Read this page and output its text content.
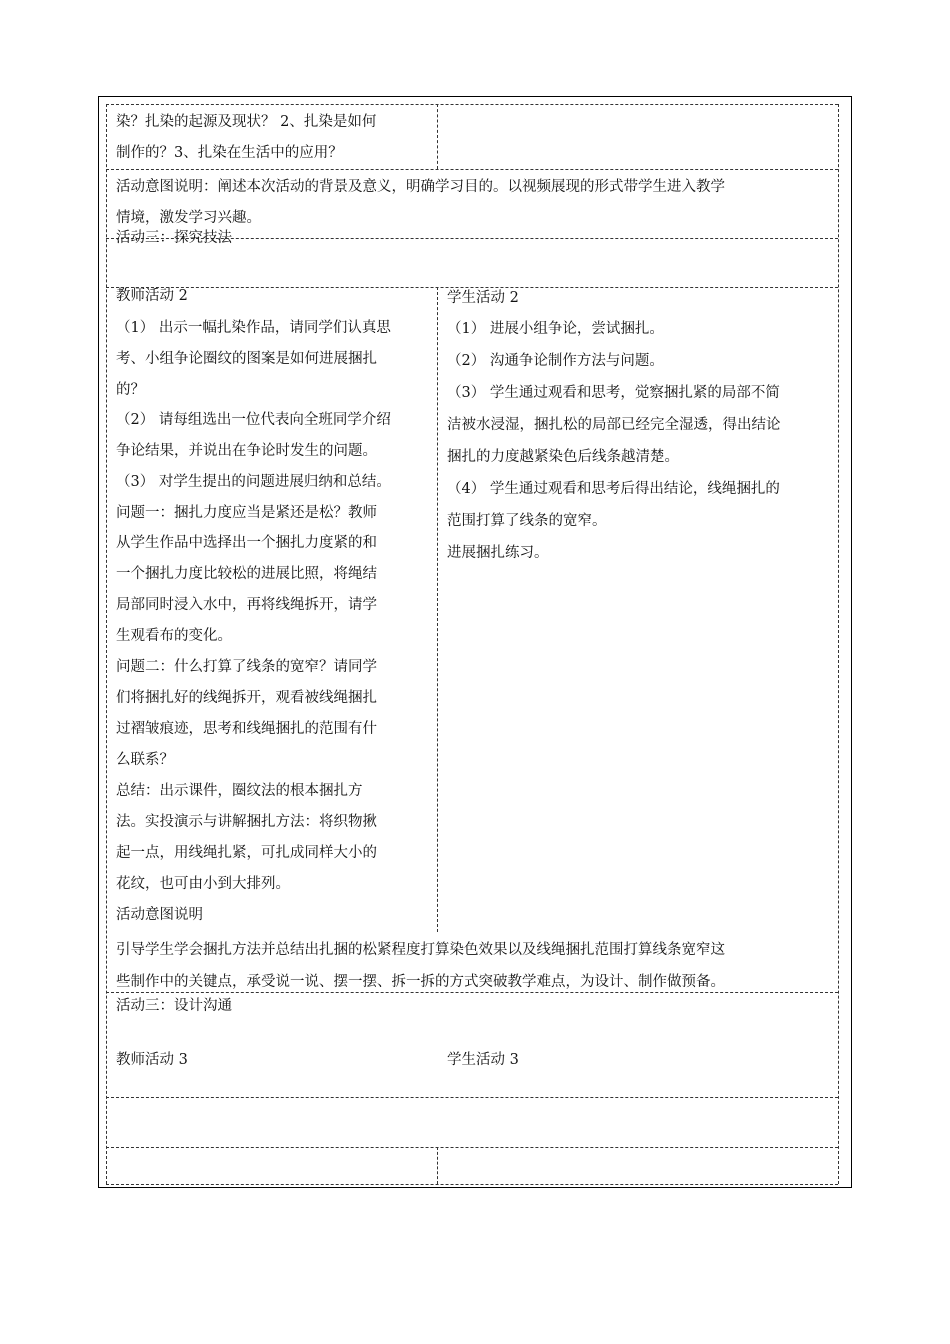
染？扎染的起源及现状？ 2、扎染是如何
制作的？3、扎染在生活中的应用？
活动意图说明：阐述本次活动的背景及意义，明确学习目的。以视频展现的形式带学生进入教学
情境，激发学习兴趣。
活动三：探究技法
教师活动 2
（1） 出示一幅扎染作品，请同学们认真思
考、小组争论圈纹的图案是如何进展捆扎
的？
（2） 请每组选出一位代表向全班同学介绍
争论结果，并说出在争论时发生的问题。
（3） 对学生提出的问题进展归纳和总结。
问题一：捆扎力度应当是紧还是松？教师
从学生作品中选择出一个捆扎力度紧的和
一个捆扎力度比较松的进展比照，将绳结
局部同时浸入水中，再将线绳拆开，请学
生观看布的变化。
问题二：什么打算了线条的宽窄？请同学
们将捆扎好的线绳拆开，观看被线绳捆扎
过褶皱痕迹，思考和线绳捆扎的范围有什
么联系？
总结：出示课件，圈纹法的根本捆扎方
法。实投演示与讲解捆扎方法：将织物揪
起一点，用线绳扎紧，可扎成同样大小的
花纹，也可由小到大排列。
活动意图说明
学生活动 2
（1） 进展小组争论，尝试捆扎。
（2） 沟通争论制作方法与问题。
（3） 学生通过观看和思考，觉察捆扎紧的局部不简
洁被水浸湿，捆扎松的局部已经完全湿透，得出结论
捆扎的力度越紧染色后线条越清楚。
（4） 学生通过观看和思考后得出结论，线绳捆扎的
范围打算了线条的宽窄。
进展捆扎练习。
引导学生学会捆扎方法并总结出扎捆的松紧程度打算染色效果以及线绳捆扎范围打算线条宽窄这
些制作中的关键点，承受说一说、摆一摆、拆一拆的方式突破教学难点，为设计、制作做预备。
活动三：设计沟通
教师活动 3	学生活动 3
